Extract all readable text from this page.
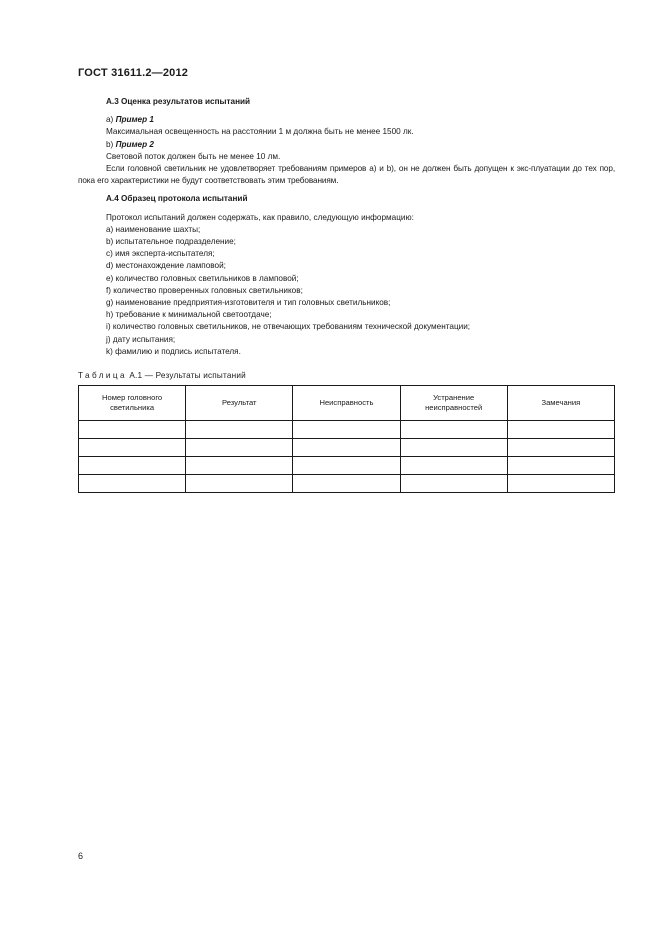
ГОСТ 31611.2—2012
А.3 Оценка результатов испытаний
а) Пример 1
Максимальная освещенность на расстоянии 1 м должна быть не менее 1500 лк.
b) Пример 2
Световой поток должен быть не менее 10 лм.
Если головной светильник не удовлетворяет требованиям примеров а) и b), он не должен быть допущен к экс-плуатации до тех пор, пока его характеристики не будут соответствовать этим требованиям.
А.4 Образец протокола испытаний
Протокол испытаний должен содержать, как правило, следующую информацию:
а) наименование шахты;
b) испытательное подразделение;
с) имя эксперта-испытателя;
d) местонахождение ламповой;
е) количество головных светильников в ламповой;
f) количество проверенных головных светильников;
g) наименование предприятия-изготовителя и тип головных светильников;
h) требование к минимальной светоотдаче;
i) количество головных светильников, не отвечающих требованиям технической документации;
j) дату испытания;
k) фамилию и подпись испытателя.
Таблица А.1 — Результаты испытаний
Номер головного светильника	Результат	Неисправность	Устранение неисправностей	Замечания

6
